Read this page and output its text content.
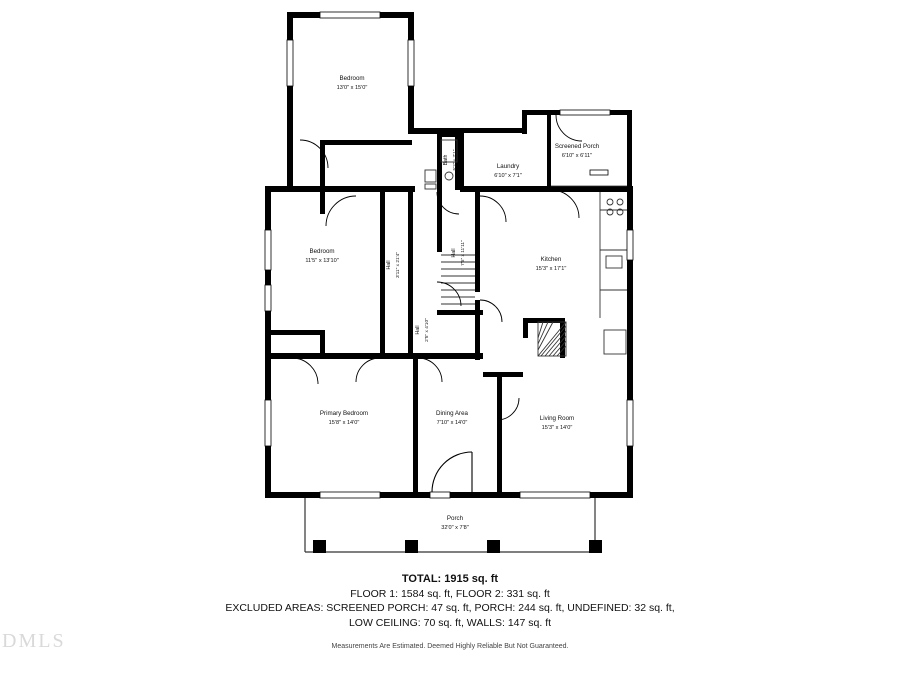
Bedroom
13'0" x 15'0"
Bedroom
11'5" x 13'10"
Primary Bedroom
15'8" x 14'0"
Dining Area
7'10" x 14'0"
Living Room
15'3" x 14'0"
Kitchen
15'3" x 17'1"
Laundry
6'10" x 7'1"
Screened Porch
6'10" x 6'11"
Porch
32'0" x 7'8"
Bath 5'2" x 7'1"
Hall 3'11" x 21'4"	Hall 7'6" x 11'11"
Hall 2'5" x 4'10"
TOTAL: 1915 sq. ft
FLOOR 1: 1584 sq. ft, FLOOR 2: 331 sq. ft
EXCLUDED AREAS: SCREENED PORCH: 47 sq. ft, PORCH: 244 sq. ft, UNDEFINED: 32 sq. ft,
LOW CEILING: 70 sq. ft, WALLS: 147 sq. ft
Measurements Are Estimated. Deemed Highly Reliable But Not Guaranteed.
DMLS
